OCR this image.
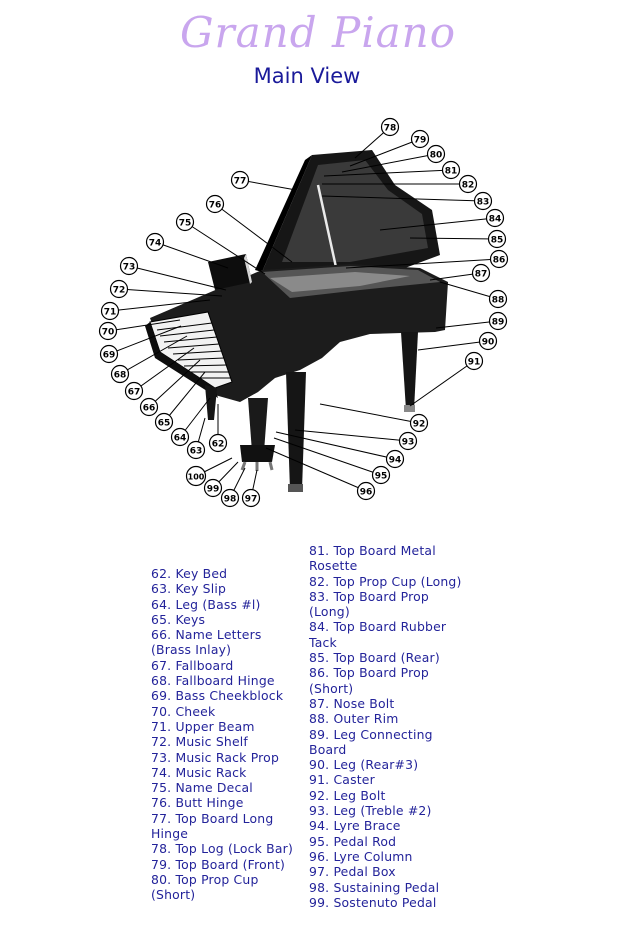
Grand Piano
Main View
62
63
64
65
66
67
68
69
70
71
72
73
74
75
76
77
78
79
80
81
82
83
84
85
86
87
88
89
90
91
92
93
94
95
96
97
98
99
100
62. Key Bed
63. Key Slip
64. Leg (Bass #l)
65. Keys
66. Name Letters (Brass Inlay)
67. Fallboard
68. Fallboard Hinge
69. Bass Cheekblock
70. Cheek
71. Upper Beam
72. Music Shelf
73. Music Rack Prop
74. Music Rack
75. Name Decal
76. Butt Hinge
77. Top Board Long Hinge
78. Top Log (Lock Bar)
79. Top Board (Front)
80. Top Prop Cup (Short)
81. Top Board Metal Rosette
82. Top Prop Cup (Long)
83. Top Board Prop (Long)
84. Top Board Rubber Tack
85. Top Board (Rear)
86. Top Board Prop (Short)
87. Nose Bolt
88. Outer Rim
89. Leg Connecting Board
90. Leg (Rear#3)
91. Caster
92. Leg Bolt
93. Leg (Treble #2)
94. Lyre Brace
95. Pedal Rod
96. Lyre Column
97. Pedal Box
98. Sustaining Pedal
99. Sostenuto Pedal
